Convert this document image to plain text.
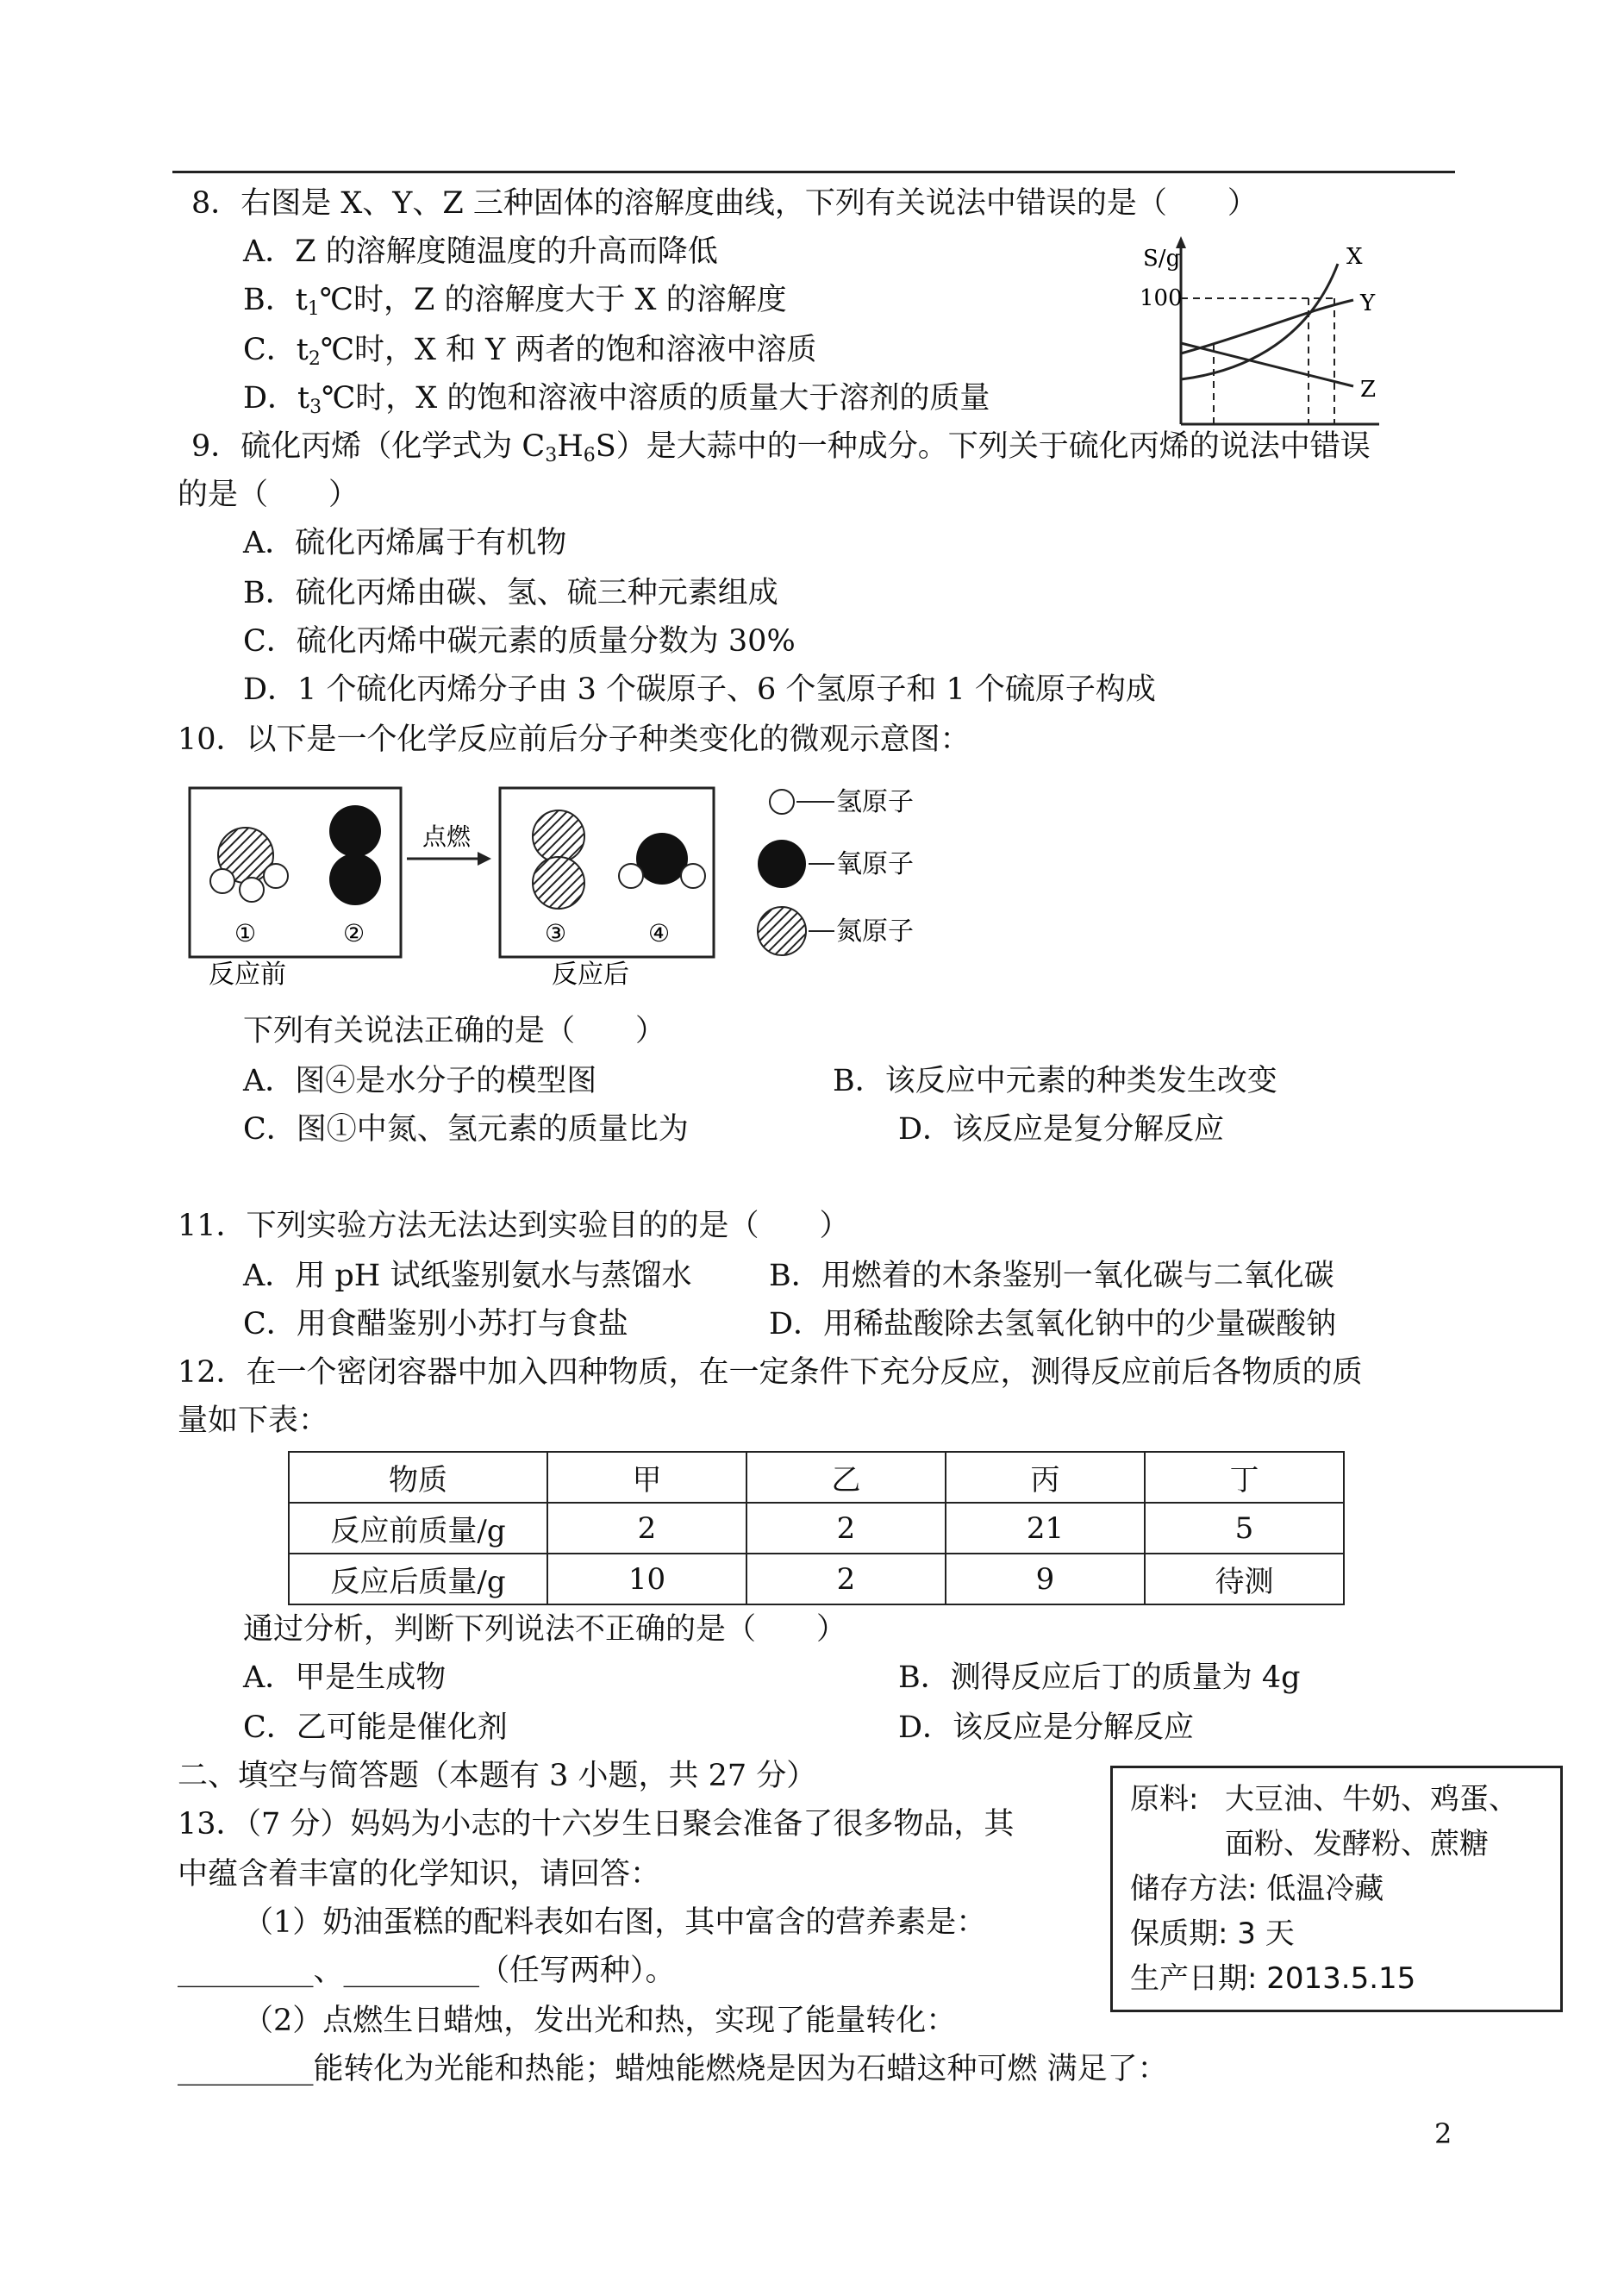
8．右图是 X、Y、Z 三种固体的溶解度曲线，下列有关说法中错误的是（　　）
A．Z 的溶解度随温度的升高而降低
B．$t_1℃$时，Z 的溶解度大于 X 的溶解度
C．$t_2℃$时，X 和 Y 两者的饱和溶液中溶质
D．$t_3℃$时，X 的饱和溶液中溶质的质量大于溶剂的质量
S/g
100
X
Y
Z
9．硫化丙烯（化学式为 $C_3H_6S$）是大蒜中的一种成分。下列关于硫化丙烯的说法中错误
的是（　　）
A．硫化丙烯属于有机物
B．硫化丙烯由碳、氢、硫三种元素组成
C．硫化丙烯中碳元素的质量分数为 30%
D．1 个硫化丙烯分子由 3 个碳原子、6 个氢原子和 1 个硫原子构成
10．以下是一个化学反应前后分子种类变化的微观示意图：
①	②
点燃
③	④
反应前	反应后
氢原子
氧原子
氮原子
下列有关说法正确的是（　　）
A．图④是水分子的模型图	B．该反应中元素的种类发生改变
C．图①中氮、氢元素的质量比为	D．该反应是复分解反应
11．下列实验方法无法达到实验目的的是（　　）
A．用 pH 试纸鉴别氨水与蒸馏水	B．用燃着的木条鉴别一氧化碳与二氧化碳
C．用食醋鉴别小苏打与食盐	D．用稀盐酸除去氢氧化钠中的少量碳酸钠
12．在一个密闭容器中加入四种物质，在一定条件下充分反应，测得反应前后各物质的质
量如下表：
物质	甲	乙	丙	丁
反应前质量/g	2	2	21	5
反应后质量/g	10	2	9	待测
通过分析，判断下列说法不正确的是（　　）
A．甲是生成物	B．测得反应后丁的质量为 4g
C．乙可能是催化剂	D．该反应是分解反应
二、填空与简答题（本题有 3 小题，共 27 分）
13．（7 分）妈妈为小志的十六岁生日聚会准备了很多物品，其
中蕴含着丰富的化学知识，请回答：
（1）奶油蛋糕的配料表如右图，其中富含的营养素是：
_________、_________（任写两种）。
（2）点燃生日蜡烛，发出光和热，实现了能量转化：
_________能转化为光能和热能；蜡烛能燃烧是因为石蜡这种可燃 满足了：
原料: 大豆油、牛奶、鸡蛋、
面粉、发酵粉、蔗糖
储存方法: 低温冷藏
保质期: 3 天
生产日期: 2013.5.15
2
